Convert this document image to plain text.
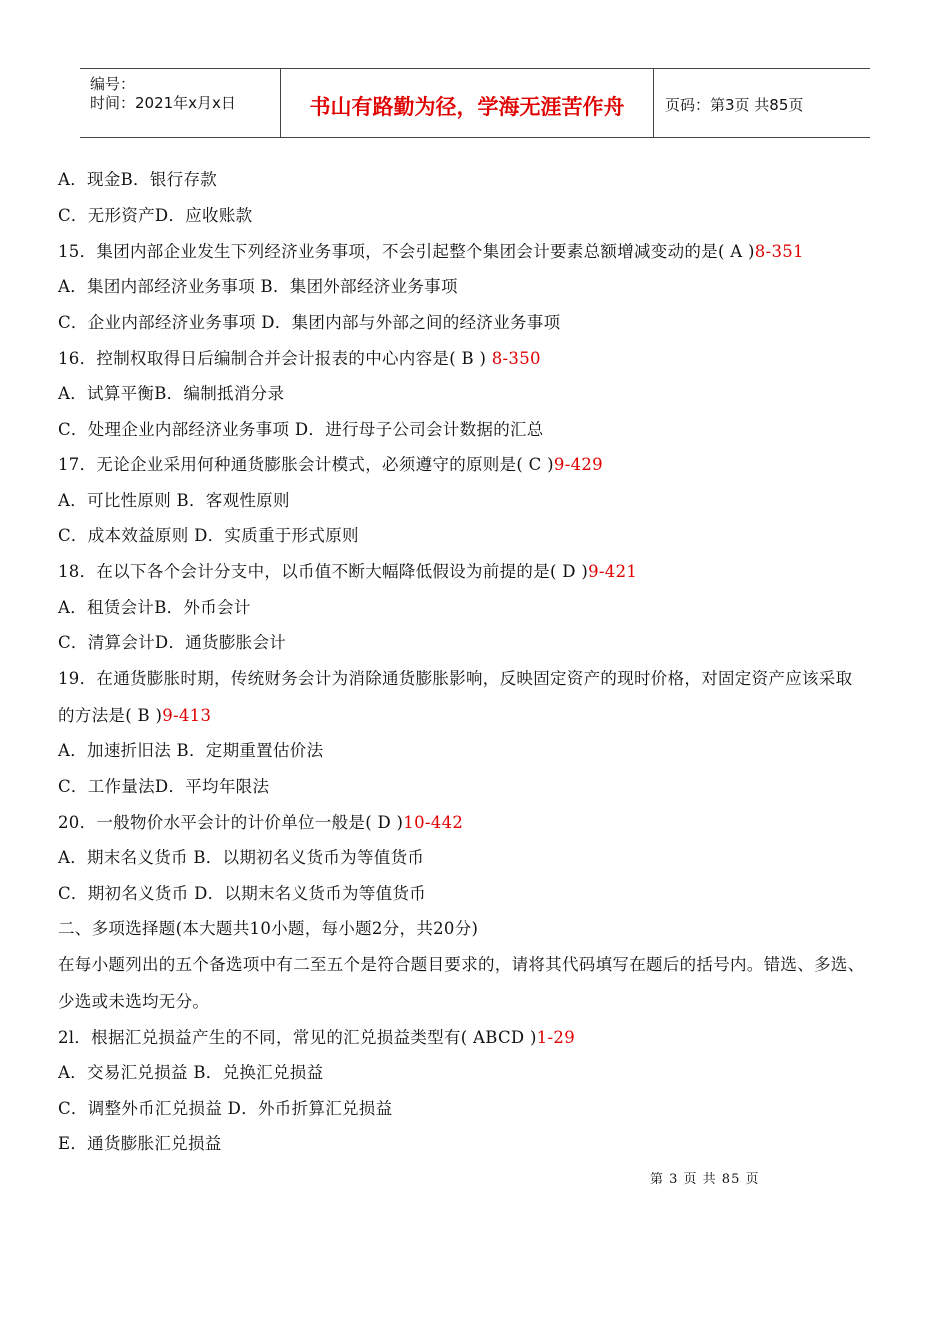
编号：
时间：2021年x月x日	书山有路勤为径，学海无涯苦作舟	页码：第3页 共85页
A．现金B．银行存款
C．无形资产D．应收账款
15．集团内部企业发生下列经济业务事项，不会引起整个集团会计要素总额增减变动的是( A )8-351
A．集团内部经济业务事项 B．集团外部经济业务事项
C．企业内部经济业务事项 D．集团内部与外部之间的经济业务事项
16．控制权取得日后编制合并会计报表的中心内容是( B ) 8-350
A．试算平衡B．编制抵消分录
C．处理企业内部经济业务事项 D．进行母子公司会计数据的汇总
17．无论企业采用何种通货膨胀会计模式，必须遵守的原则是( C )9-429
A．可比性原则 B．客观性原则
C．成本效益原则 D．实质重于形式原则
18．在以下各个会计分支中，以币值不断大幅降低假设为前提的是( D )9-421
A．租赁会计B．外币会计
C．清算会计D．通货膨胀会计
19．在通货膨胀时期，传统财务会计为消除通货膨胀影响，反映固定资产的现时价格，对固定资产应该采取
的方法是( B )9-413
A．加速折旧法 B．定期重置估价法
C．工作量法D．平均年限法
20．一般物价水平会计的计价单位一般是( D )10-442
A．期末名义货币 B．以期初名义货币为等值货币
C．期初名义货币 D．以期末名义货币为等值货币
二、多项选择题(本大题共10小题，每小题2分，共20分)
在每小题列出的五个备选项中有二至五个是符合题目要求的，请将其代码填写在题后的括号内。错选、多选、
少选或未选均无分。
2l．根据汇兑损益产生的不同，常见的汇兑损益类型有( ABCD )1-29
A．交易汇兑损益 B．兑换汇兑损益
C．调整外币汇兑损益 D．外币折算汇兑损益
E．通货膨胀汇兑损益
第 3 页 共 85 页
